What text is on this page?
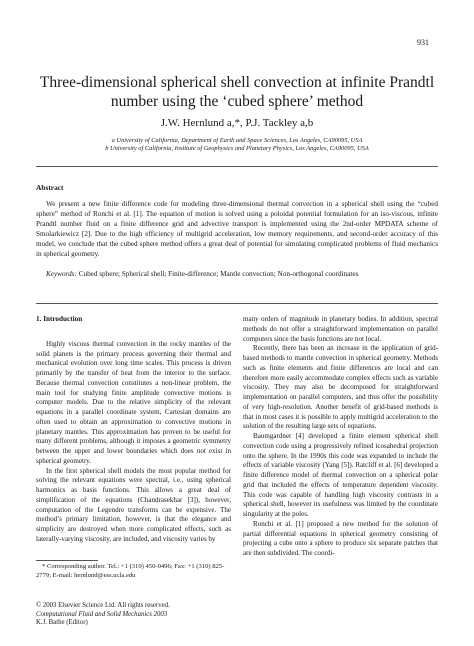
931
Three-dimensional spherical shell convection at infinite Prandtl number using the ‘cubed sphere’ method
J.W. Hernlund a,*, P.J. Tackley a,b
a University of California, Department of Earth and Space Sciences, Los Angeles, CA90095, USA
b University of California, Institute of Geophysics and Planetary Physics, Los Angeles, CA90095, USA
Abstract
We present a new finite difference code for modeling three-dimensional thermal convection in a spherical shell using the “cubed sphere” method of Ronchi et al. [1]. The equation of motion is solved using a poloidal potential formulation for an iso-viscous, infinite Prandtl number fluid on a finite difference grid and advective transport is implemented using the 2nd-order MPDATA scheme of Smolarkiewicz [2]. Due to the high efficiency of multigrid acceleration, low memory requirements, and second-order accuracy of this model, we conclude that the cubed sphere method offers a great deal of potential for simulating complicated problems of fluid mechanics in spherical geometry.
Keywords: Cubed sphere; Spherical shell; Finite-difference; Mantle convection; Non-orthogonal coordinates
1. Introduction

Highly viscous thermal convection in the rocky mantles of the solid planets is the primary process governing their thermal and mechanical evolution over long time scales. This process is driven primarily by the transfer of heat from the interior to the surface. Because thermal convection constitutes a non-linear problem, the main tool for studying finite amplitude convective motions is computer models. Due to the relative simplicity of the relevant equations in a parallel coordinate system, Cartesian domains are often used to obtain an approximation to convective motions in planetary mantles. This approximation has proven to be useful for many different problems, although it imposes a geometric symmetry between the upper and lower boundaries which does not exist in spherical geometry.

In the first spherical shell models the most popular method for solving the relevant equations were spectral, i.e., using spherical harmonics as basis functions. This allows a great deal of simplification of the equations (Chandrasekhar [3]), however, computation of the Legendre transforms can be expensive. The method’s primary limitation, however, is that the elegance and simplicity are destroyed when more complicated effects, such as laterally-varying viscosity, are included, and viscosity varies by

many orders of magnitude in planetary bodies. In addition, spectral methods do not offer a straightforward implementation on parallel computers since the basis functions are not local.

Recently, there has been an increase in the application of grid-based methods to mantle convection in spherical geometry. Methods such as finite elements and finite differences are local and can therefore more easily accommodate complex effects such as variable viscosity. They may also be decomposed for straightforward implementation on parallel computers, and thus offer the possibility of very high-resolution. Another benefit of grid-based methods is that in most cases it is possible to apply multigrid acceleration to the solution of the resulting large sets of equations.

Baumgardner [4] developed a finite element spherical shell convection code using a progressively refined icosahedral projection onto the sphere. In the 1990s this code was expanded to include the effects of variable viscosity (Yang [5]). Ratcliff et al. [6] developed a finite difference model of thermal convection on a spherical polar grid that included the effects of temperature dependent viscosity. This code was capable of handling high viscosity contrasts in a spherical shell, however its usefulness was limited by the coordinate singularity at the poles.

Ronchi et al. [1] proposed a new method for the solution of partial differential equations in spherical geometry consisting of projecting a cube onto a sphere to produce six separate patches that are then subdivided. The coordi-

* Corresponding author. Tel.: +1 (310) 450-0496; Fax: +1 (310) 825-2779; E-mail: hernlund@ess.ucla.edu
© 2003 Elsevier Science Ltd. All rights reserved.
Computational Fluid and Solid Mechanics 2003
K.J. Bathe (Editor)
